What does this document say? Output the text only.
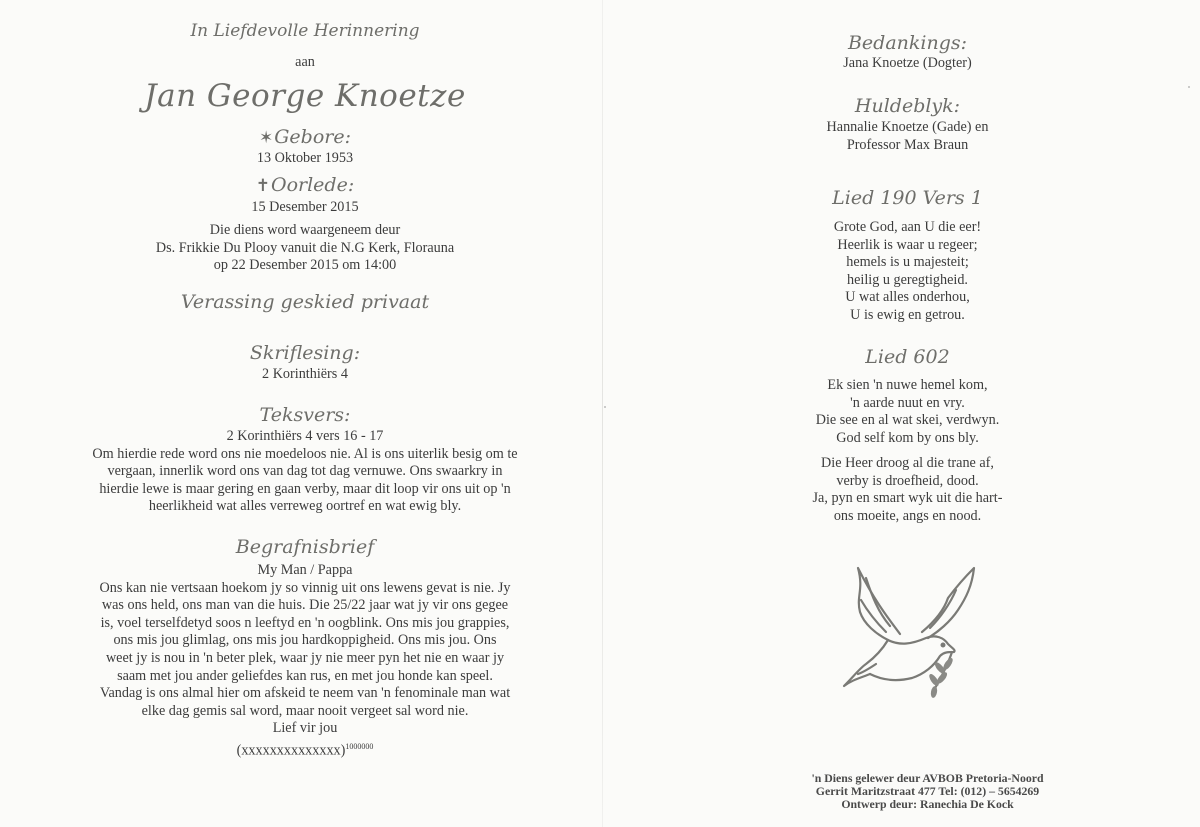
In Liefdevolle Herinnering
aan
Jan George Knoetze
✶Gebore:
13 Oktober 1953
✝Oorlede:
15 Desember 2015
Die diens word waargeneem deur
Ds. Frikkie Du Plooy vanuit die N.G Kerk, Florauna
op 22 Desember 2015 om 14:00
Verassing geskied privaat
Skriflesing:
2 Korinthiërs 4
Teksvers:
2 Korinthiërs 4 vers 16 - 17
Om hierdie rede word ons nie moedeloos nie. Al is ons uiterlik besig om te
vergaan, innerlik word ons van dag tot dag vernuwe. Ons swaarkry in
hierdie lewe is maar gering en gaan verby, maar dit loop vir ons uit op 'n
heerlikheid wat alles verreweg oortref en wat ewig bly.
Begrafnisbrief
My Man / Pappa
Ons kan nie vertsaan hoekom jy so vinnig uit ons lewens gevat is nie. Jy
was ons held, ons man van die huis. Die 25/22 jaar wat jy vir ons gegee
is, voel terselfdetyd soos n leeftyd en 'n oogblink. Ons mis jou grappies,
ons mis jou glimlag, ons mis jou hardkoppigheid. Ons mis jou. Ons
weet jy is nou in 'n beter plek, waar jy nie meer pyn het nie en waar jy
saam met jou ander geliefdes kan rus, en met jou honde kan speel.
Vandag is ons almal hier om afskeid te neem van 'n fenominale man wat
elke dag gemis sal word, maar nooit vergeet sal word nie.
Lief vir jou
(xxxxxxxxxxxxxx)$^{1000000}$
Bedankings:
Jana Knoetze (Dogter)
Huldeblyk:
Hannalie Knoetze (Gade) en
Professor Max Braun
Lied 190 Vers 1
Grote God, aan U die eer!
Heerlik is waar u regeer;
hemels is u majesteit;
heilig u geregtigheid.
U wat alles onderhou,
U is ewig en getrou.
Lied 602
Ek sien 'n nuwe hemel kom,
'n aarde nuut en vry.
Die see en al wat skei, verdwyn.
God self kom by ons bly.
Die Heer droog al die trane af,
verby is droefheid, dood.
Ja, pyn en smart wyk uit die hart-
ons moeite, angs en nood.
'n Diens gelewer deur AVBOB Pretoria-Noord
Gerrit Maritzstraat 477 Tel: (012) – 5654269
Ontwerp deur: Ranechia De Kock
